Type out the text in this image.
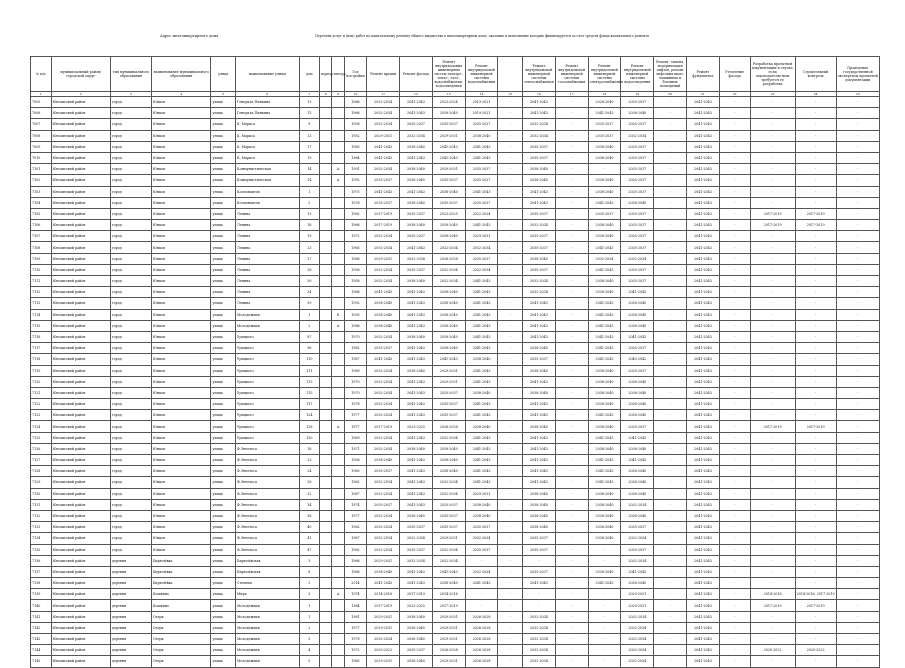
Адрес многоквартирного дома	Перечень услуг и (или) работ по капитальному ремонту общего имущества в многоквартирном доме, оказание и выполнение которых финансируется за счет средств фонда капитального ремонта
№ п/п	муниципальный район/ городской округ	тип муниципального образования	наименование муниципального образования	улица	наименование улицы	дом	корпус	литера	Год постройки	Ремонт крыши	Ремонт фасада	Ремонт внутридомовых инженерных систем электро-, тепло-, газо-, водоснабжения, водоотведения	Ремонт внутридомовой инженерной системы водоснабжения		Ремонт внутридомовой инженерной системы теплоснабжения	Ремонт внутридомовой инженерной системы газоснабжения	Ремонт внутридомовой инженерной системы электроснабжения	Ремонт внутридомовой инженерной системы водоотведения	Ремонт, замена, модернизация лифтов, ремонт лифтовых шахт, машинных и блочных помещений	Ремонт фундамента	Утепление фасада	Разработка проектной документации в случае, если законодательством требуется ее разработка	Строительный контроль	Проведение государственной экспертизы проектной документации
1	2	3	4	5	6	7	8	9	10	11	12	13	14	15	16	17	18	19	20	21	22	23	24	25
7005	Юношеский район	город	Юнков	улица	Генерала Пинкина	13			1966	2032-2034	2041-2043	2023-2024	2019-2021	-	2041-2043	-	2028-2040	2035-2037	-	2041-2043	-	-	-	-
7006	Юношеский район	город	Юнков	улица	Генерала Пинкина	15			1966	2032-2034	2041-2043	2038-2040	2019-2021	-	2041-2043	-	2041-2043	2038-2040	-	2041-2043	-	-	-	-
7007	Юношеский район	город	Юнков	улица	К. Маркса	9			1958	2032-2034	2035-2037	2035-2037	2035-2037	-	2032-2034	-	2035-2037	2035-2037	-	2041-2043	-	-	-	-
7008	Юношеский район	город	Юнков	улица	К. Маркса	13			1952	2029-2031	2032-2034	2029-2031	2038-2040	-	2032-2034	-	2035-2037	2032-2034	-	2041-2043	-	-	-	-
7009	Юношеский район	город	Юнков	улица	К. Маркса	17			1965	2041-2043	2038-2040	2041-2043	2041-2043	-	2035-2037	-	2038-2040	2035-2037	-	2041-2043	-	-	-	-
7010	Юношеский район	город	Юнков	улица	К. Маркса	19			1964	2041-2043	2041-2043	2041-2043	2041-2043	-	2035-2037	-	2038-2040	2035-2037	-	2041-2043	-	-	-	-
7101	Юношеский район	город	Юнков	улица	Коммунистическая	14		А	1991	2032-2034	2038-2040	2029-2031	2035-2037	-	2038-2040	-	-	2035-2037	-	2041-2043	-	-	-	-
7102	Юношеский район	город	Юнков	улица	Коммунистическая	14		А	1992	2035-2037	2038-2040	2035-2037	2035-2037	-	2038-2040	-	2038-2040	2035-2037	-	2041-2043	-	-	-	-
7103	Юношеский район	город	Юнков	улица	Космонавтов	1			1975	2041-2043	2041-2043	2038-2040	2041-2043	-	2041-2043	-	2038-2040	2035-2037	-	2041-2043	-	-	-	-
7104	Юношеский район	город	Юнков	улица	Космонавтов	2			1976	2035-2037	2038-2040	2035-2037	2035-2037	-	2041-2043	-	2041-2043	2038-2040	-	2041-2043	-	-	-	-
7105	Юношеский район	город	Юнков	улица	Ленина	13			1962	2017-2019	2035-2037	2023-2025	2022-2024	-	2035-2037	-	2035-2037	2035-2037	-	2041-2043	-	2017-2019	2017-2019	-
7106	Юношеский район	город	Юнков	улица	Ленина	16			1966	2017-2019	2038-2040	2038-2040	2041-2043	-	2032-2034	-	2038-2040	2035-2037	-	2041-2043	-	2017-2019	2017-2019	-
7107	Юношеский район	город	Юнков	улица	Ленина	19			1972	2032-2034	2035-2037	2038-2040	2029-2031	-	2035-2037	-	2038-2040	2035-2037	-	2041-2043	-	-	-	-
7108	Юношеский район	город	Юнков	улица	Ленина	23			1965	2032-2034	2041-2043	2032-2034	2032-2034	-	2035-2037	-	2041-2043	2035-2037	-	2041-2043	-	-	-	-
7109	Юношеский район	город	Юнков	улица	Ленина	27			1966	2029-2031	2032-2034	2026-2028	2035-2037	-	2038-2040	-	2032-2034	2032-2034	-	2041-2043	-	-	-	-
7110	Юношеский район	город	Юнков	улица	Ленина	28			1956	2032-2034	2035-2037	2032-2034	2032-2034	-	2035-2037	-	2041-2043	2035-2037	-	2041-2043	-	-	-	-
7111	Юношеский район	город	Юнков	улица	Ленина	30			1958	2032-2034	2038-2040	2032-2034	2041-2043	-	2032-2034	-	2038-2040	2035-2037	-	2041-2043	-	-	-	-
7112	Юношеский район	город	Юнков	улица	Ленина	34			1968	2041-2043	2041-2043	2038-2040	2041-2043	-	2032-2034	-	2038-2040	2041-2043	-	2041-2043	-	-	-	-
7113	Юношеский район	город	Юнков	улица	Ленина	39			1992	2038-2040	2041-2043	2038-2040	2041-2043	-	2041-2043	-	2041-2043	2038-2040	-	2041-2043	-	-	-	-
7114	Юношеский район	город	Юнков	улица	Молодежная	1		Б	1995	2038-2040	2041-2043	2038-2040	2041-2043	-	2041-2043	-	2041-2043	2038-2040	-	2041-2043	-	-	-	-
7115	Юношеский район	город	Юнков	улица	Молодежная	2		А	1986	2038-2040	2041-2043	2038-2040	2041-2043	-	2041-2043	-	2041-2043	2038-2040	-	2041-2043	-	-	-	-
7116	Юношеский район	город	Юнков	улица	Урицкого	87			1970	2032-2034	2038-2040	2038-2040	2041-2043	-	2041-2043	-	2041-2043	2041-2043	-	2041-2043	-	-	-	-
7117	Юношеский район	город	Юнков	улица	Урицкого	96			1982	2035-2037	2041-2043	2038-2040	2041-2043	-	2038-2040	-	2041-2043	2035-2037	-	2041-2043	-	-	-	-
7118	Юношеский район	город	Юнков	улица	Урицкого	110			1967	2041-2043	2041-2043	2041-2043	2038-2040	-	2035-2037	-	2041-2043	2040-2042	-	2041-2043	-	-	-	-
7119	Юношеский район	город	Юнков	улица	Урицкого	111			1969	2032-2034	2038-2040	2029-2031	2041-2043	-	2038-2040	-	2038-2040	2035-2037	-	2041-2043	-	-	-	-
7120	Юношеский район	город	Юнков	улица	Урицкого	113			1970	2032-2034	2041-2043	2029-2031	2041-2043	-	2041-2043	-	2038-2040	2038-2040	-	2041-2043	-	-	-	-
7121	Юношеский район	город	Юнков	улица	Урицкого	115			1970	2032-2034	2041-2043	2035-2037	2038-2040	-	2038-2040	-	2038-2040	2038-2040	-	2041-2043	-	-	-	-
7122	Юношеский район	город	Юнков	улица	Урицкого	117			1978	2032-2034	2041-2043	2035-2037	2041-2043	-	2041-2043	-	2038-2040	2038-2040	-	2041-2043	-	-	-	-
7123	Юношеский район	город	Юнков	улица	Урицкого	124			1977	2032-2034	2041-2043	2035-2037	2041-2043	-	2041-2043	-	2041-2043	2038-2040	-	2041-2043	-	-	-	-
7124	Юношеский район	город	Юнков	улица	Урицкого	128		А	1977	2017-2019	2023-2025	2026-2028	2038-2040	-	2038-2040	-	2038-2040	2035-2037	-	2041-2043	-	2017-2019	2017-2019	-
7125	Юношеский район	город	Юнков	улица	Урицкого	130			1969	2032-2034	2041-2043	2032-2034	2041-2043	-	2041-2043	-	2041-2043	2041-2043	-	2041-2043	-	-	-	-
7126	Юношеский район	город	Юнков	улица	Ф.Энгельса	16			1971	2032-2034	2038-2040	2038-2040	2041-2043	-	2041-2043	-	2038-2040	2038-2040	-	2041-2043	-	-	-	-
7127	Юношеский район	город	Юнков	улица	Ф.Энгельса	23			1956	2038-2040	2041-2043	2038-2040	2041-2043	-	2041-2043	-	2041-2043	2041-2043	-	2041-2043	-	-	-	-
7128	Юношеский район	город	Юнков	улица	Ф.Энгельса	24			1965	2035-2037	2041-2043	2038-2040	2041-2043	-	2041-2043	-	2041-2043	2038-2040	-	2041-2043	-	-	-	-
7129	Юношеский район	город	Юнков	улица	Ф.Энгельса	28			1962	2032-2034	2041-2043	2032-2034	2041-2043	-	2041-2043	-	2041-2043	2038-2040	-	2041-2043	-	-	-	-
7130	Юношеский район	город	Юнков	улица	Ф.Энгельса	32			1967	2032-2034	2041-2043	2032-2034	2029-2031	-	2038-2040	-	2038-2040	2038-2040	-	2041-2043	-	-	-	-
7131	Юношеский район	город	Юнков	улица	Ф.Энгельса	34			1974	2035-2037	2041-2043	2035-2037	2038-2040	-	2038-2040	-	2038-2040	2032-2034	-	2041-2043	-	-	-	-
7132	Юношеский район	город	Юнков	улица	Ф.Энгельса	38			1977	2032-2034	2038-2040	2035-2037	2038-2040	-	2038-2040	-	2038-2040	2038-2040	-	2041-2043	-	-	-	-
7133	Юношеский район	город	Юнков	улица	Ф.Энгельса	40			1962	2032-2034	2035-2037	2035-2037	2035-2037	-	2038-2040	-	2038-2040	2035-2037	-	2041-2043	-	-	-	-
7134	Юношеский район	город	Юнков	улица	Ф.Энгельса	41			1967	2032-2034	2032-2034	2029-2031	2032-2034	-	2035-2037	-	2038-2040	2032-2034	-	2041-2043	-	-	-	-
7135	Юношеский район	город	Юнков	улица	Ф.Энгельса	47			1962	2032-2034	2035-2037	2032-2034	2035-2037	-	2035-2037	-	-	2035-2037	-	2041-2043	-	-	-	-
7136	Юношеский район	деревня	Бирюлёвка	улица	Бирюлёвская	3			1966	2029-2031	2032-2034	2032-2034	-	-	-	-	-	2032-2034	-	2041-2043	-	-	-	-
7137	Юношеский район	деревня	Бирюлёвка	улица	Бирюлёвская	8			1966	2038-2040	2041-2043	2041-2043	2032-2034	-	2035-2037	-	2038-2040	2041-2043	-	2041-2043	-	-	-	-
7138	Юношеский район	деревня	Бирюлёвка	улица	Степная	2			2014	2041-2043	2041-2043	2038-2040	2041-2043	-	2041-2043	-	2041-2043	2038-2040	-	2041-2043	-	-	-	-
7139	Юношеский район	деревня	Кошкино	улица	Мира	3		А	1974	2014-2016	2017-2019	2014-2016	-	-	-	-	-	2029-2031	-	2041-2043	-	2014-2016	2014-2016, 2017-2019	-
7140	Юношеский район	деревня	Кошкино	улица	Молодежная	1			1964	2017-2019	2023-2025	2017-2019	-	-	-	-	-	2029-2031	-	2041-2043	-	2017-2019	2017-2019	-
7141	Юношеский район	деревня	Озерк	улица	Молодежная	1			1981	2029-2031	2038-2040	2029-2031	2026-2028	-	2032-2034	-	-	2032-2034	-	2041-2043	-	-	-	-
7142	Юношеский район	деревня	Озерк	улица	Молодежная	2			1977	2029-2031	2038-2040	2029-2031	2026-2028	-	2032-2034	-	-	2032-2034	-	2041-2043	-	-	-	-
7143	Юношеский район	деревня	Озерк	улица	Молодежная	3			1978	2032-2034	2038-2040	2029-2031	2026-2028	-	2032-2034	-	-	2032-2034	-	2041-2043	-	-	-	-
7144	Юношеский район	деревня	Озерк	улица	Молодежная	4			1972	2020-2022	2035-2037	2026-2028	2026-2028	-	2032-2034	-	-	2032-2034	-	2041-2043	-	2020-2022	2020-2022	-
7145	Юношеский район	деревня	Озерк	улица	Молодежная	5			1965	2029-2031	2038-2040	2029-2031	2026-2028	-	2032-2034	-	-	2032-2034	-	2041-2043	-	-	-	-
